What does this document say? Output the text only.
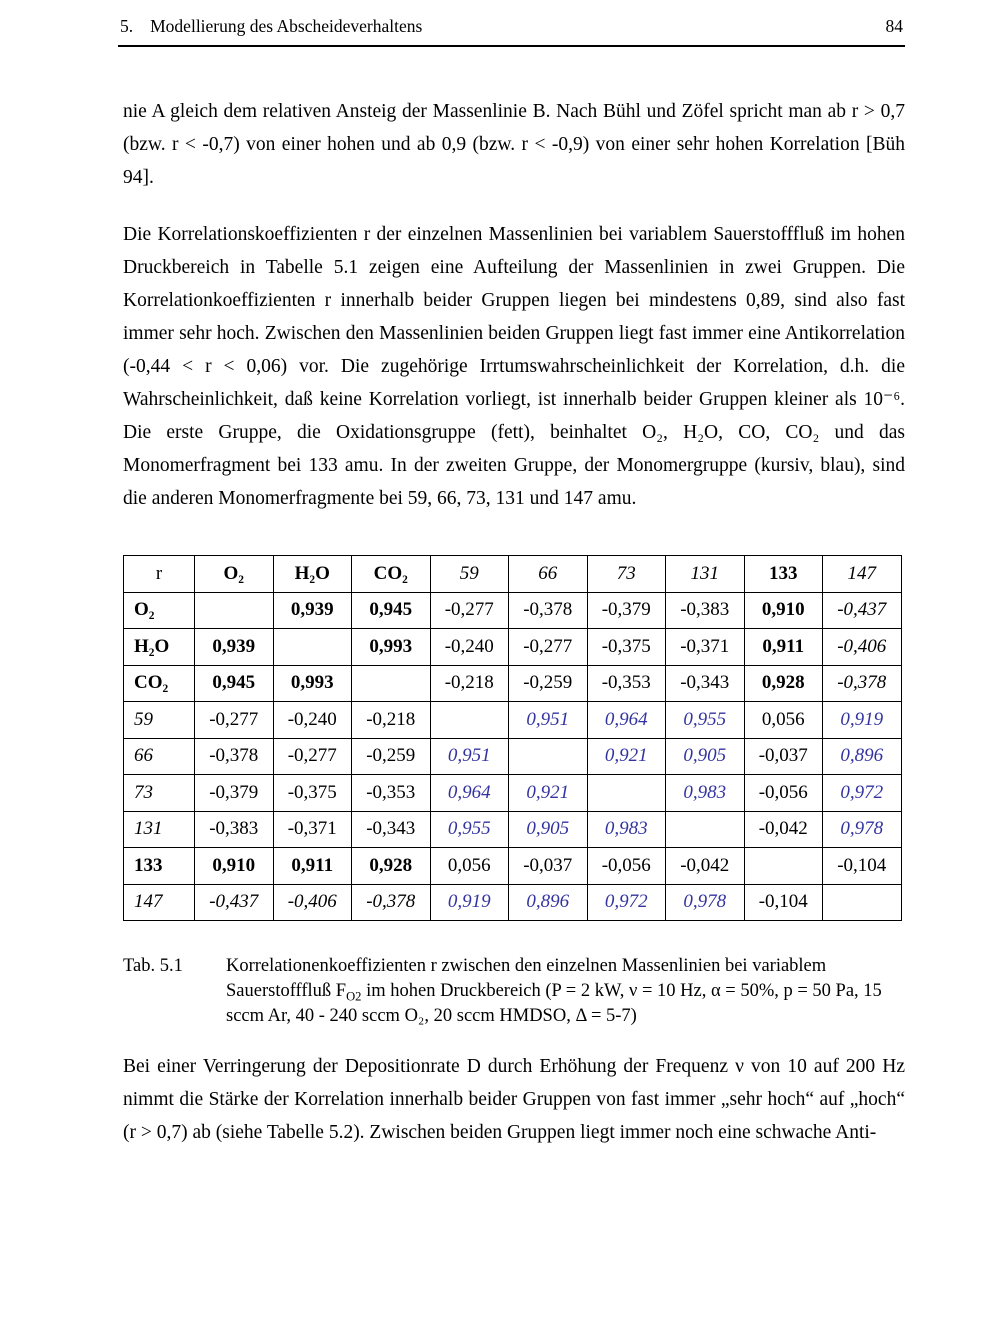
5. Modellierung des Abscheideverhaltens	84

nie A gleich dem relativen Ansteig der Massenlinie B. Nach Bühl und Zöfel spricht man ab r > 0,7 (bzw. r < -0,7) von einer hohen und ab 0,9 (bzw. r < -0,9) von einer sehr hohen Korrelation [Büh 94].

Die Korrelationskoeffizienten r der einzelnen Massenlinien bei variablem Sauerstofffluß im hohen Druckbereich in Tabelle 5.1 zeigen eine Aufteilung der Massenlinien in zwei Gruppen. Die Korrelationkoeffizienten r innerhalb beider Gruppen liegen bei mindestens 0,89, sind also fast immer sehr hoch. Zwischen den Massenlinien beiden Gruppen liegt fast immer eine Antikorrelation (-0,44 < r < 0,06) vor. Die zugehörige Irrtumswahrscheinlichkeit der Korrelation, d.h. die Wahrscheinlichkeit, daß keine Korrelation vorliegt, ist innerhalb beider Gruppen kleiner als 10⁻⁶. Die erste Gruppe, die Oxidationsgruppe (fett), beinhaltet O₂, H₂O, CO, CO₂ und das Monomerfragment bei 133 amu. In der zweiten Gruppe, der Monomergruppe (kursiv, blau), sind die anderen Monomerfragmente bei 59, 66, 73, 131 und 147 amu.

r	O₂	H₂O	CO₂	59	66	73	131	133	147
O₂		0,939	0,945	-0,277	-0,378	-0,379	-0,383	0,910	-0,437
H₂O	0,939		0,993	-0,240	-0,277	-0,375	-0,371	0,911	-0,406
CO₂	0,945	0,993		-0,218	-0,259	-0,353	-0,343	0,928	-0,378
59	-0,277	-0,240	-0,218		0,951	0,964	0,955	0,056	0,919
66	-0,378	-0,277	-0,259	0,951		0,921	0,905	-0,037	0,896
73	-0,379	-0,375	-0,353	0,964	0,921		0,983	-0,056	0,972
131	-0,383	-0,371	-0,343	0,955	0,905	0,983		-0,042	0,978
133	0,910	0,911	0,928	0,056	-0,037	-0,056	-0,042		-0,104
147	-0,437	-0,406	-0,378	0,919	0,896	0,972	0,978	-0,104	
Tab. 5.1	Korrelationenkoeffizienten r zwischen den einzelnen Massenlinien bei variablem Sauerstofffluß $F_{O2}$ im hohen Druckbereich (P = 2 kW, ν = 10 Hz, α = 50%, p = 50 Pa, 15 sccm Ar, 40 - 240 sccm O₂, 20 sccm HMDSO, Δ = 5-7)

Bei einer Verringerung der Depositionrate D durch Erhöhung der Frequenz ν von 10 auf 200 Hz nimmt die Stärke der Korrelation innerhalb beider Gruppen von fast immer „sehr hoch“ auf „hoch“ (r > 0,7) ab (siehe Tabelle 5.2). Zwischen beiden Gruppen liegt immer noch eine schwache Anti-
